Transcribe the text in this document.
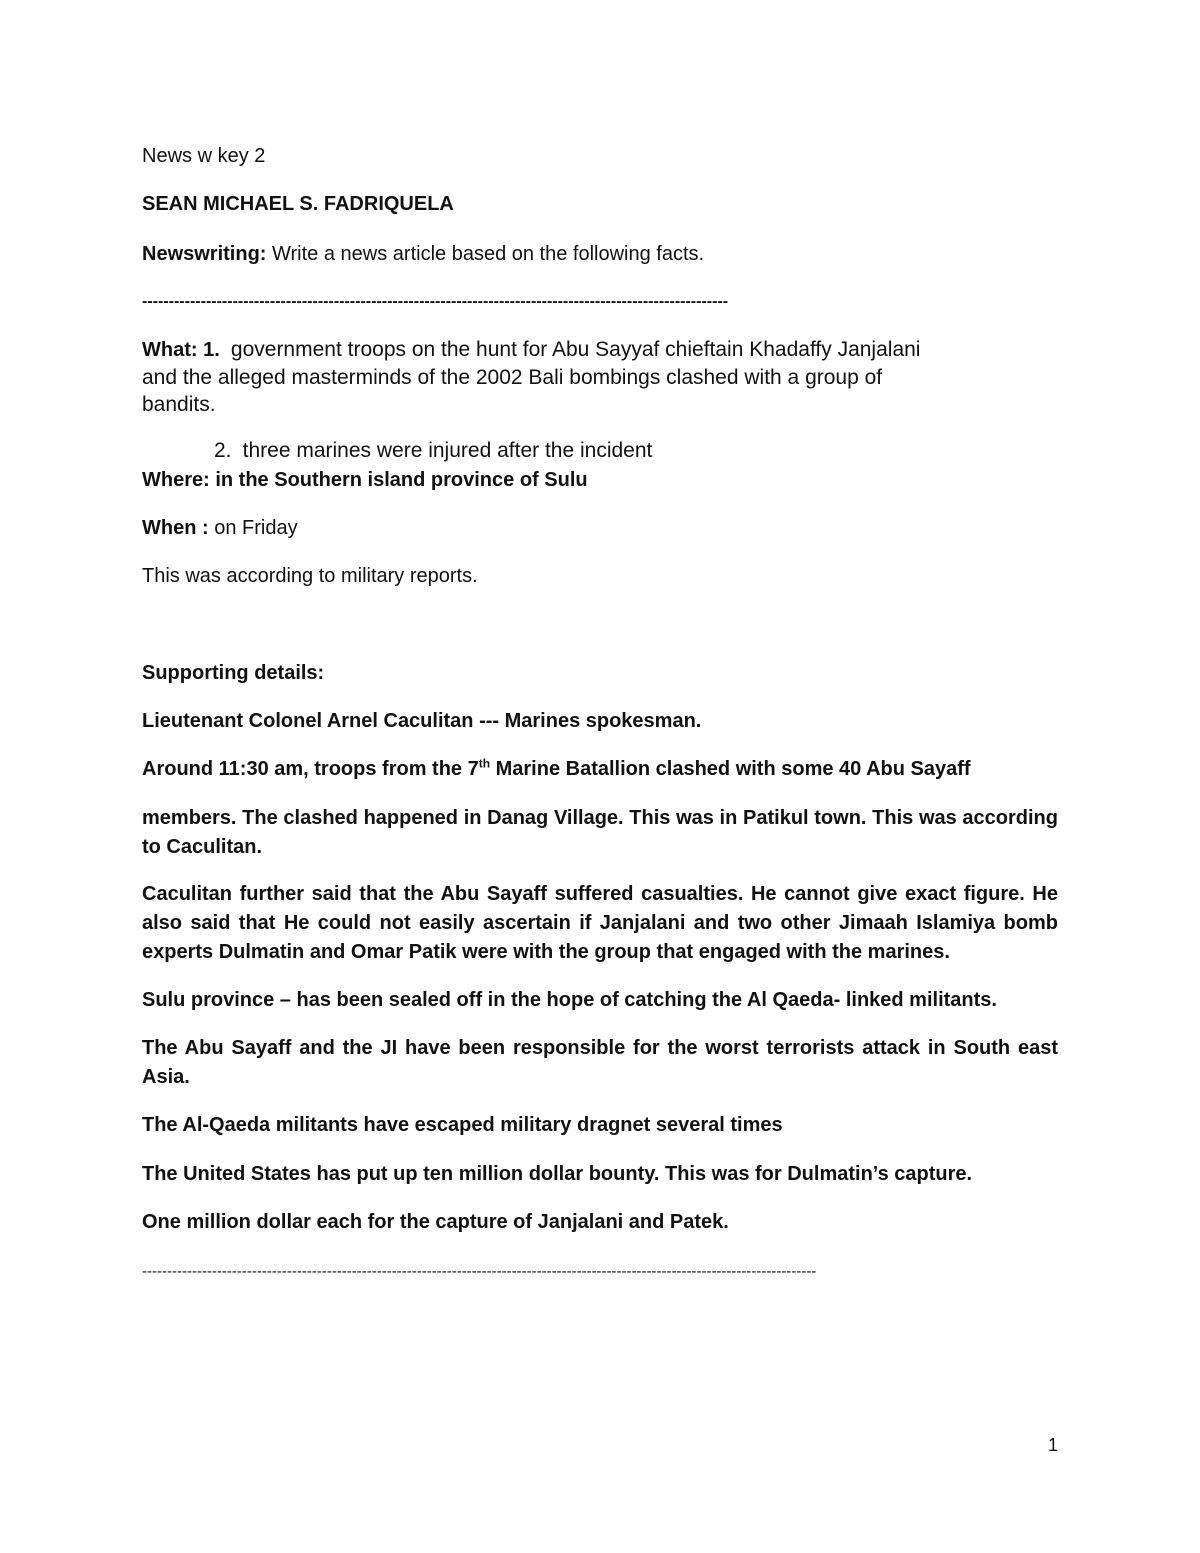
News w key 2
SEAN MICHAEL S. FADRIQUELA
Newswriting: Write a news article based on the following facts.
--------------------------------------------------------------------------------------------------------------
What: 1. government troops on the hunt for Abu Sayyaf chieftain Khadaffy Janjalani
and the alleged masterminds of the 2002 Bali bombings clashed with a group of
bandits.
2. three marines were injured after the incident
Where: in the Southern island province of Sulu
When : on Friday
This was according to military reports.
Supporting details:
Lieutenant Colonel Arnel Caculitan --- Marines spokesman.
Around 11:30 am, troops from the 7th Marine Batallion clashed with some 40 Abu Sayaff
members. The clashed happened in Danag Village. This was in Patikul town. This was according to Caculitan.
Caculitan further said that the Abu Sayaff suffered casualties. He cannot give exact figure. He also said that He could not easily ascertain if Janjalani and two other Jimaah Islamiya bomb experts Dulmatin and Omar Patik were with the group that engaged with the marines.
Sulu province – has been sealed off in the hope of catching the Al Qaeda- linked militants.
The Abu Sayaff and the JI have been responsible for the worst terrorists attack in South east Asia.
The Al-Qaeda militants have escaped military dragnet several times
The United States has put up ten million dollar bounty. This was for Dulmatin’s capture.
One million dollar each for the capture of Janjalani and Patek.
---------------------------------------------------------------------------------------------------------------------------------------
1
